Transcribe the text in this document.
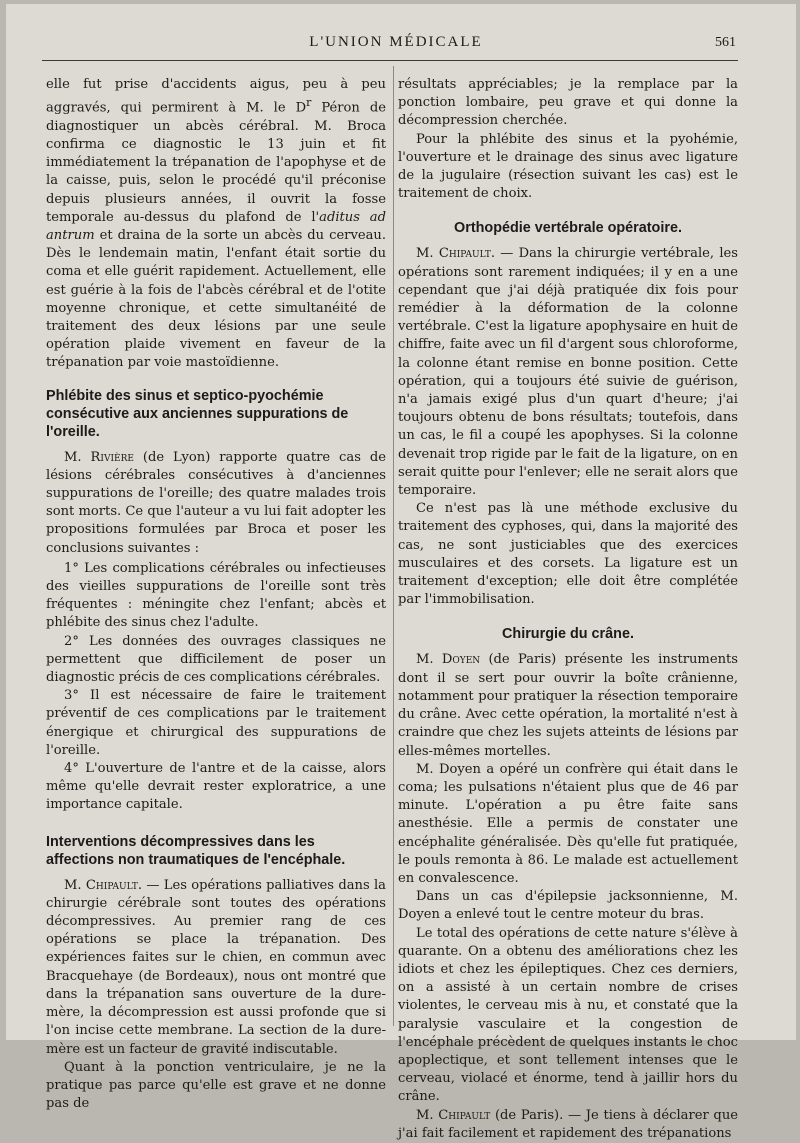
L'UNION MÉDICALE	561

elle fut prise d'accidents aigus, peu à peu aggravés, qui permirent à M. le $D^r$ Péron de diagnostiquer un abcès cérébral. M. Broca confirma ce diagnostic le 13 juin et fit immédiatement la trépanation de l'apophyse et de la caisse, puis, selon le procédé qu'il préconise depuis plusieurs années, il ouvrit la fosse temporale au-dessus du plafond de l'aditus ad antrum et draina de la sorte un abcès du cerveau. Dès le lendemain matin, l'enfant était sortie du coma et elle guérit rapidement. Actuellement, elle est guérie à la fois de l'abcès cérébral et de l'otite moyenne chronique, et cette simultanéité de traitement des deux lésions par une seule opération plaide vivement en faveur de la trépanation par voie mastoïdienne.

Phlébite des sinus et septico-pyochémie consécutive aux anciennes suppurations de l'oreille.

M. Rivière (de Lyon) rapporte quatre cas de lésions cérébrales consécutives à d'anciennes suppurations de l'oreille; des quatre malades trois sont morts. Ce que l'auteur a vu lui fait adopter les propositions formulées par Broca et poser les conclusions suivantes :

1° Les complications cérébrales ou infectieuses des vieilles suppurations de l'oreille sont très fréquentes : méningite chez l'enfant; abcès et phlébite des sinus chez l'adulte.

2° Les données des ouvrages classiques ne permettent que difficilement de poser un diagnostic précis de ces complications cérébrales.

3° Il est nécessaire de faire le traitement préventif de ces complications par le traitement énergique et chirurgical des suppurations de l'oreille.

4° L'ouverture de l'antre et de la caisse, alors même qu'elle devrait rester exploratrice, a une importance capitale.

Interventions décompressives dans les affections non traumatiques de l'encéphale.

M. Chipault. — Les opérations palliatives dans la chirurgie cérébrale sont toutes des opérations décompressives. Au premier rang de ces opérations se place la trépanation. Des expériences faites sur le chien, en commun avec Bracquehaye (de Bordeaux), nous ont montré que dans la trépanation sans ouverture de la dure-mère, la décompression est aussi profonde que si l'on incise cette membrane. La section de la dure-mère est un facteur de gravité indiscutable.

Quant à la ponction ventriculaire, je ne la pratique pas parce qu'elle est grave et ne donne pas de

résultats appréciables; je la remplace par la ponction lombaire, peu grave et qui donne la décompression cherchée.

Pour la phlébite des sinus et la pyohémie, l'ouverture et le drainage des sinus avec ligature de la jugulaire (résection suivant les cas) est le traitement de choix.

Orthopédie vertébrale opératoire.

M. Chipault. — Dans la chirurgie vertébrale, les opérations sont rarement indiquées; il y en a une cependant que j'ai déjà pratiquée dix fois pour remédier à la déformation de la colonne vertébrale. C'est la ligature apophysaire en huit de chiffre, faite avec un fil d'argent sous chloroforme, la colonne étant remise en bonne position. Cette opération, qui a toujours été suivie de guérison, n'a jamais exigé plus d'un quart d'heure; j'ai toujours obtenu de bons résultats; toutefois, dans un cas, le fil a coupé les apophyses. Si la colonne devenait trop rigide par le fait de la ligature, on en serait quitte pour l'enlever; elle ne serait alors que temporaire.

Ce n'est pas là une méthode exclusive du traitement des cyphoses, qui, dans la majorité des cas, ne sont justiciables que des exercices musculaires et des corsets. La ligature est un traitement d'exception; elle doit être complétée par l'immobilisation.

Chirurgie du crâne.

M. Doyen (de Paris) présente les instruments dont il se sert pour ouvrir la boîte crânienne, notamment pour pratiquer la résection temporaire du crâne. Avec cette opération, la mortalité n'est à craindre que chez les sujets atteints de lésions par elles-mêmes mortelles.

M. Doyen a opéré un confrère qui était dans le coma; les pulsations n'étaient plus que de 46 par minute. L'opération a pu être faite sans anesthésie. Elle a permis de constater une encéphalite généralisée. Dès qu'elle fut pratiquée, le pouls remonta à 86. Le malade est actuellement en convalescence.

Dans un cas d'épilepsie jacksonnienne, M. Doyen a enlevé tout le centre moteur du bras.

Le total des opérations de cette nature s'élève à quarante. On a obtenu des améliorations chez les idiots et chez les épileptiques. Chez ces derniers, on a assisté à un certain nombre de crises violentes, le cerveau mis à nu, et constaté que la paralysie vasculaire et la congestion de l'encéphale précèdent de quelques instants le choc apoplectique, et sont tellement intenses que le cerveau, violacé et énorme, tend à jaillir hors du crâne.

M. Chipault (de Paris). — Je tiens à déclarer que j'ai fait facilement et rapidement des trépanations
